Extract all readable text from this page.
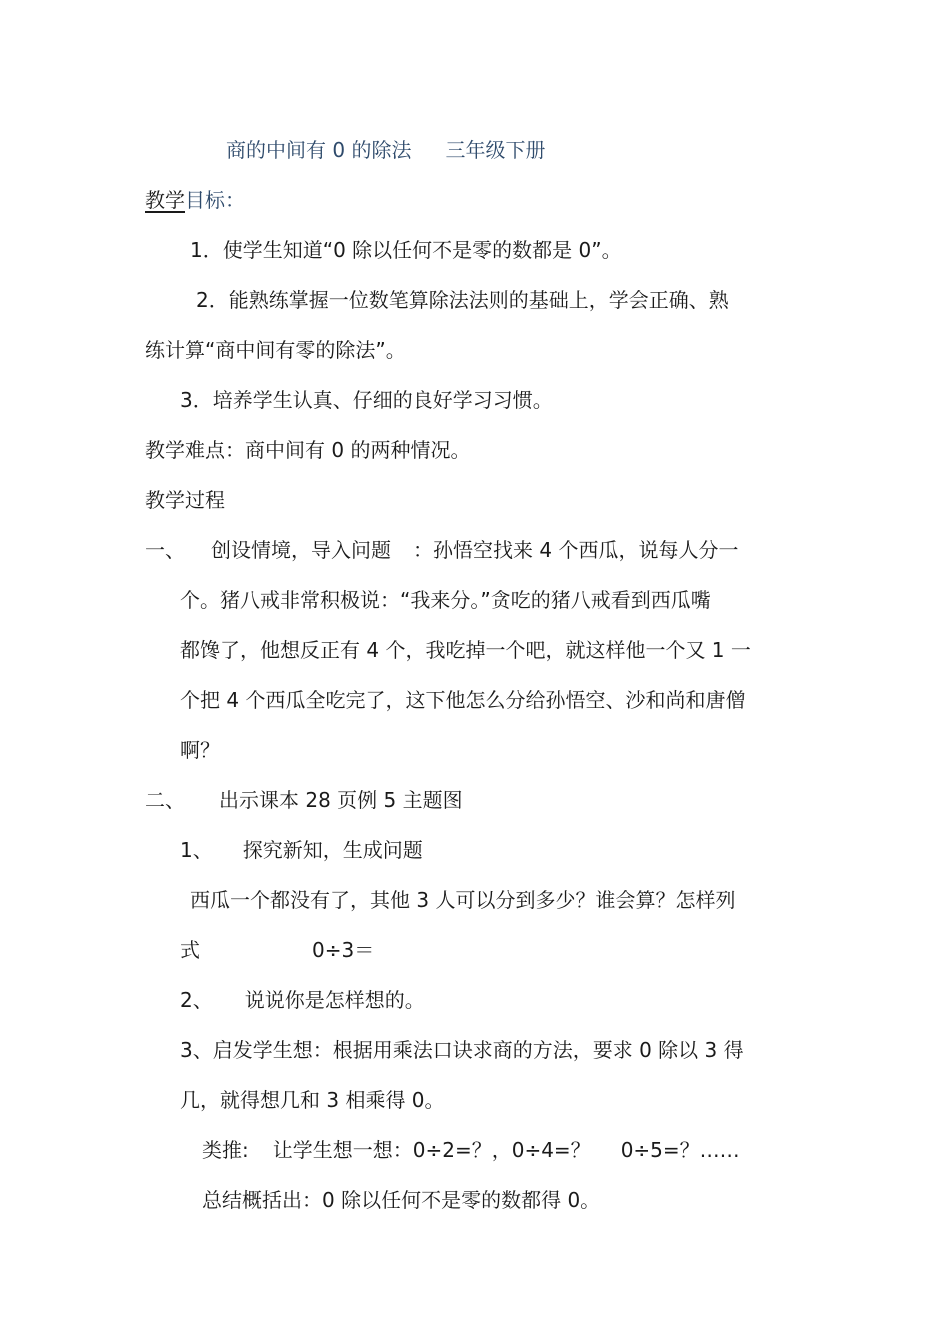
商的中间有 0 的除法 三年级下册
教学目标：
1．使学生知道“0 除以任何不是零的数都是 0”。
2．能熟练掌握一位数笔算除法法则的基础上，学会正确、熟
练计算“商中间有零的除法”。
3．培养学生认真、仔细的良好学习习惯。
教学难点：商中间有 0 的两种情况。
教学过程
一、 创设情境，导入问题 ：孙悟空找来 4 个西瓜，说每人分一
个。猪八戒非常积极说：“我来分。”贪吃的猪八戒看到西瓜嘴
都馋了，他想反正有 4 个，我吃掉一个吧，就这样他一个又 1 一
个把 4 个西瓜全吃完了，这下他怎么分给孙悟空、沙和尚和唐僧
啊？
二、 出示课本 28 页例 5 主题图
1、 探究新知，生成问题
西瓜一个都没有了，其他 3 人可以分到多少？谁会算？怎样列
式	0÷3＝
2、 说说你是怎样想的。
3、启发学生想：根据用乘法口诀求商的方法，要求 0 除以 3 得
几，就得想几和 3 相乘得 0。
类推: 让学生想一想：0÷2=？，0÷4=？ 0÷5=？……
总结概括出：0 除以任何不是零的数都得 0。
